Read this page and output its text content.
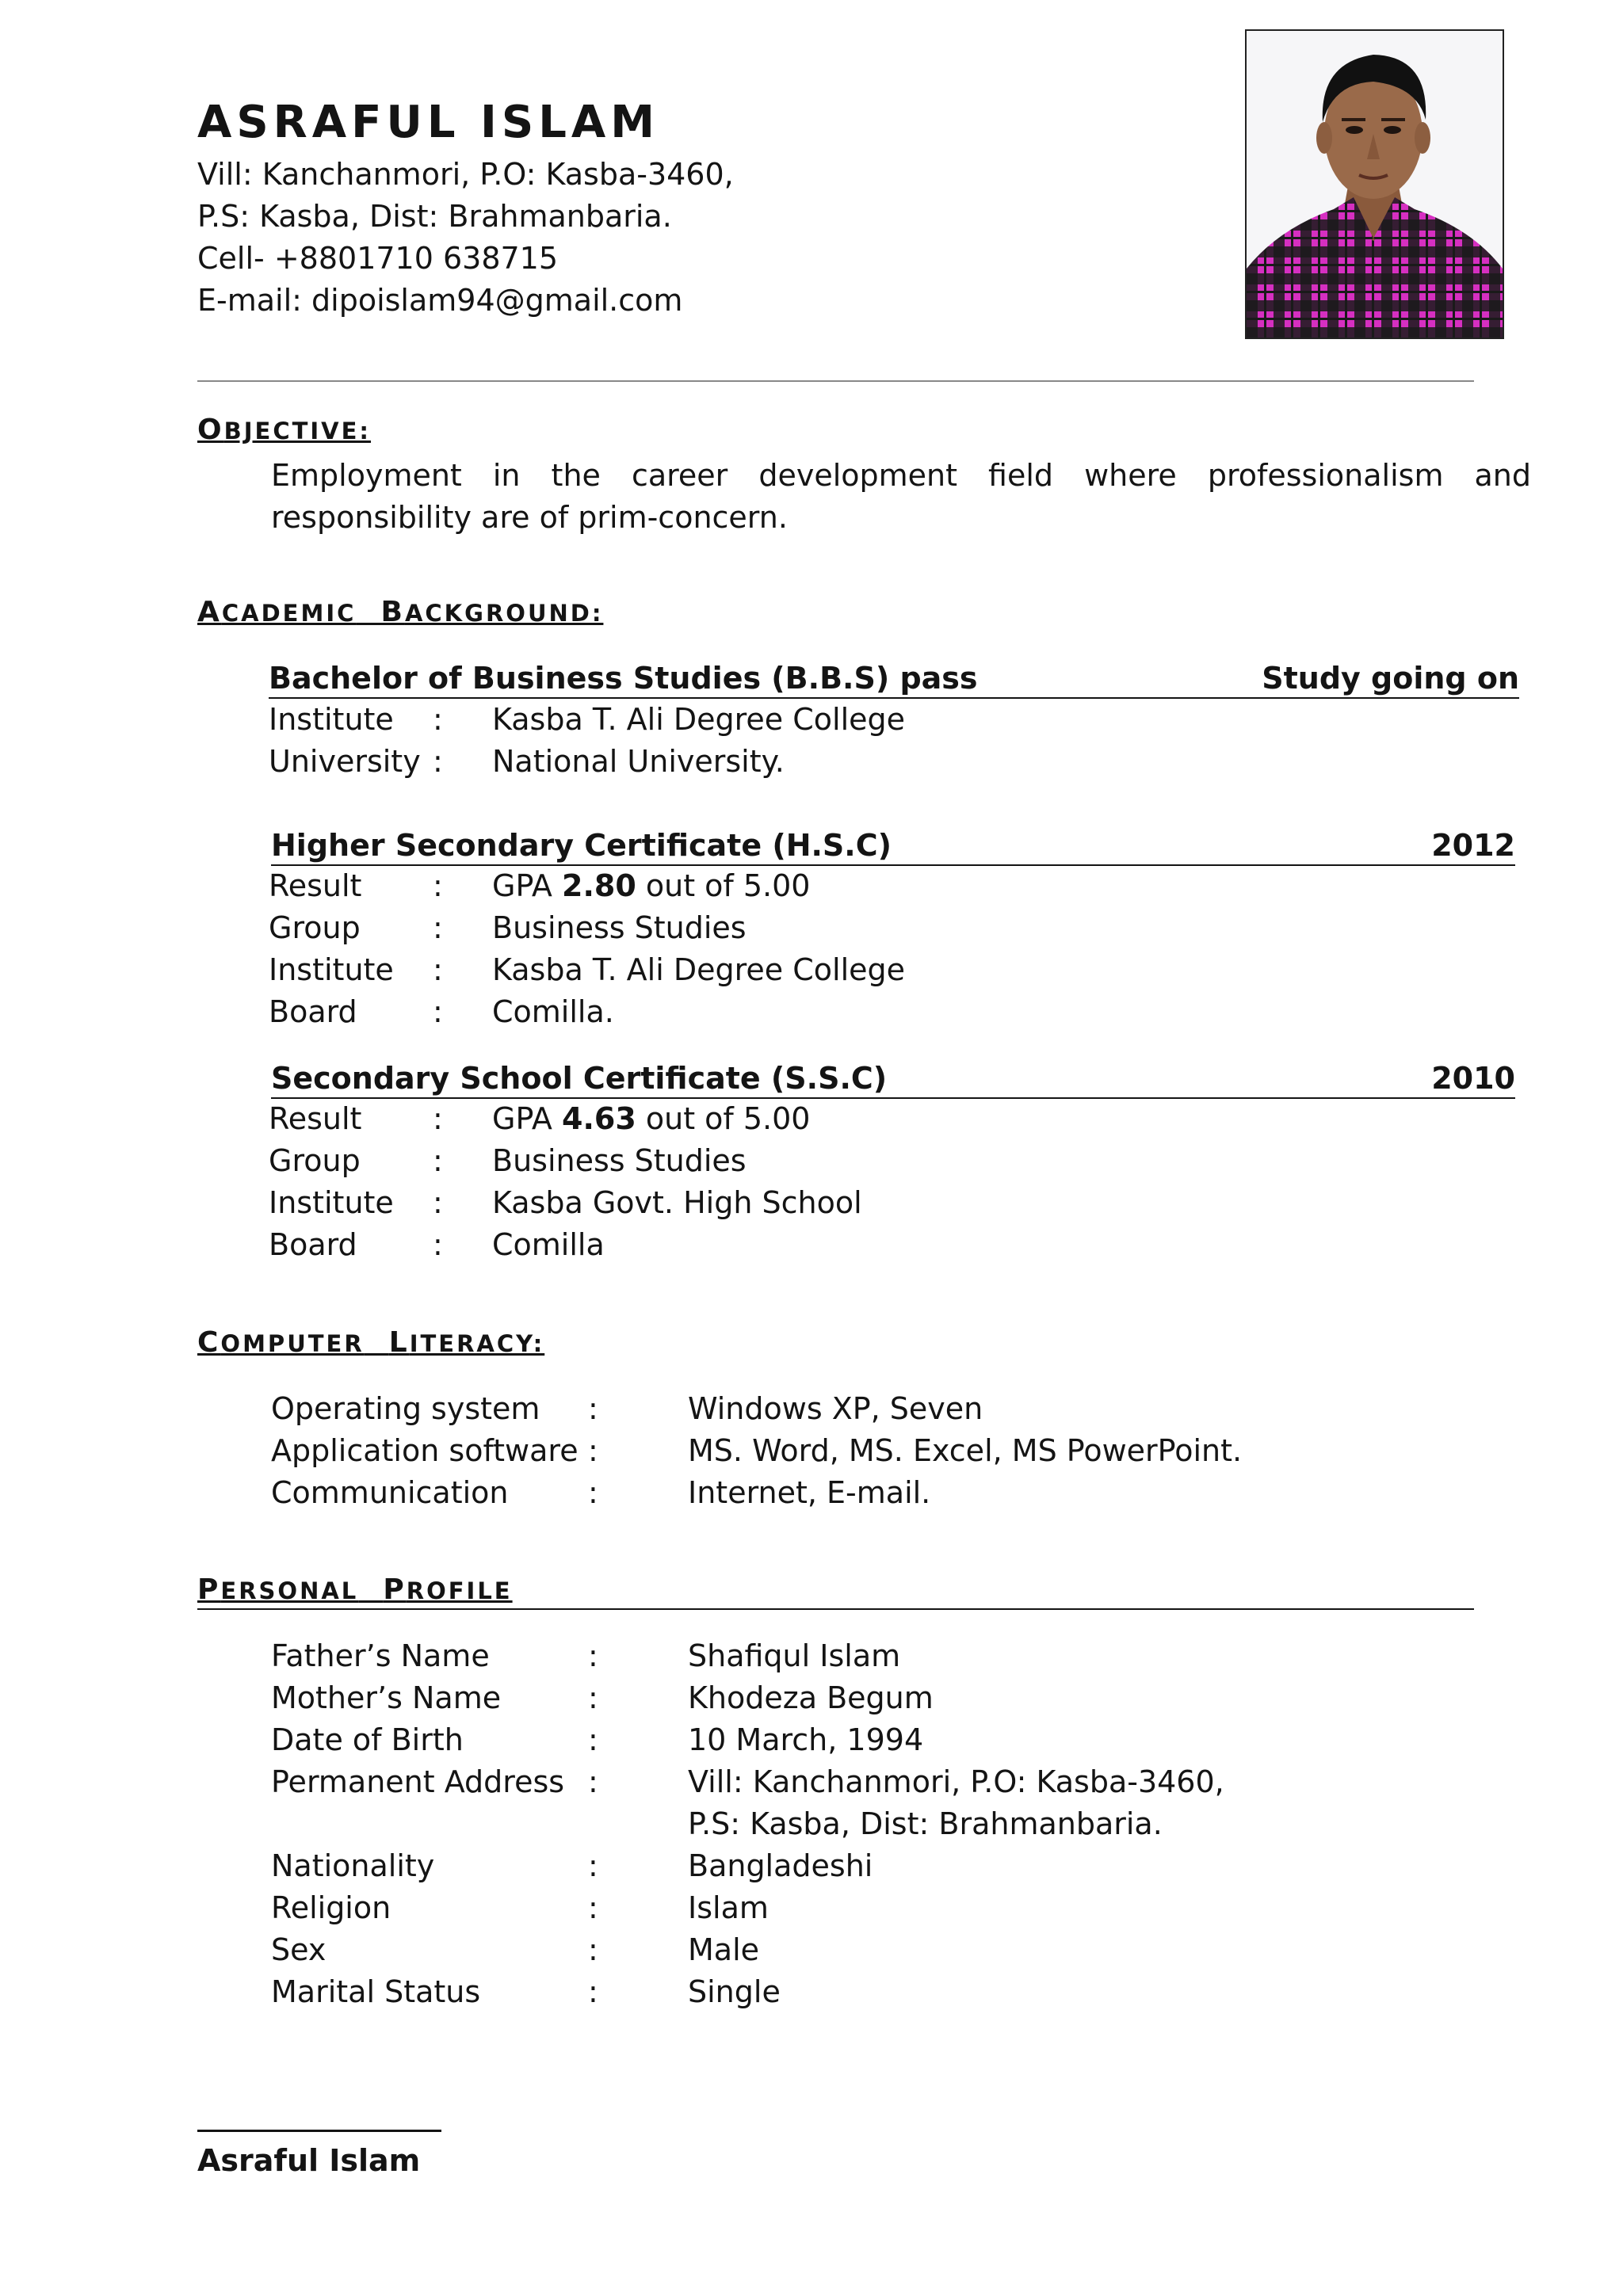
ASRAFUL ISLAM
Vill: Kanchanmori, P.O: Kasba-3460,
P.S: Kasba, Dist: Brahmanbaria.
Cell- +8801710 638715
E-mail: dipoislam94@gmail.com
OBJECTIVE:
Employment in the career development field where professionalism and responsibility are of prim-concern.
ACADEMIC BACKGROUND:
Bachelor of Business Studies (B.B.S) pass	Study going on
Institute : Kasba T. Ali Degree College
University : National University.
Higher Secondary Certificate (H.S.C)	2012
Result : GPA 2.80 out of 5.00
Group : Business Studies
Institute : Kasba T. Ali Degree College
Board	: Comilla.
Secondary School Certificate (S.S.C)	2010
Result : GPA 4.63 out of 5.00
Group : Business Studies
Institute : Kasba Govt. High School
Board	: Comilla
COMPUTER LITERACY:
Operating system :	Windows XP, Seven
Application software :	MS. Word, MS. Excel, MS PowerPoint.
Communication	:	Internet, E-mail.
PERSONAL PROFILE
Father’s Name	:	Shafiqul Islam
Mother’s Name	:	Khodeza Begum
Date of Birth	:	10 March, 1994
Permanent Address :	Vill: Kanchanmori, P.O: Kasba-3460,
P.S: Kasba, Dist: Brahmanbaria.
Nationality	:	Bangladeshi
Religion	:	Islam
Sex	:	Male
Marital Status	:	Single
Asraful Islam
